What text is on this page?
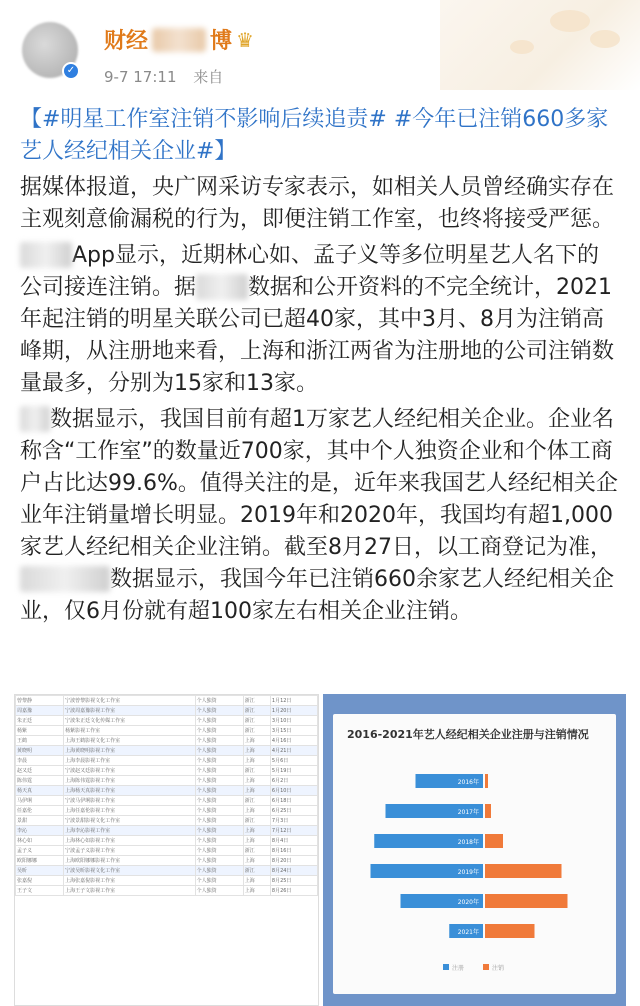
✓
财经	博 ♛
9-7 17:11 来自
【#明星工作室注销不影响后续追责# #今年已注销660多家艺人经纪相关企业#】
据媒体报道，央广网采访专家表示，如相关人员曾经确实存在主观刻意偷漏税的行为，即便注销工作室，也终将接受严惩。
App显示，近期林心如、孟子义等多位明星艺人名下的公司接连注销。据 数据和公开资料的不完全统计，2021年起注销的明星关联公司已超40家，其中3月、8月为注销高峰期，从注册地来看，上海和浙江两省为注册地的公司注销数量最多，分别为15家和13家。
数据显示，我国目前有超1万家艺人经纪相关企业。企业名称含“工作室”的数量近700家，其中个人独资企业和个体工商户占比达99.6%。值得关注的是，近年来我国艺人经纪相关企业年注销量增长明显。2019年和2020年，我国均有超1,000家艺人经纪相关企业注销。截至8月27日，以工商登记为准，数据显示，我国今年已注销660余家艺人经纪相关企业，仅6月份就有超100家左右相关企业注销。
曾黎静	宁波曾黎影视文化工作室	个人独资	浙江	1月12日
周嘉豫	宁波周嘉豫影视工作室	个人独资	浙江	1月20日
朱正廷	宁波朱正廷文化传媒工作室	个人独资	浙江	3月10日
杨紫	杨紫影视工作室	个人独资	浙江	3月15日
王鹤	上海王鹤影视文化工作室	个人独资	上海	4月16日
黄晓明	上海黄晓明影视工作室	个人独资	上海	4月21日
李晨	上海李晨影视工作室	个人独资	上海	5月6日
赵又廷	宁波赵又廷影视工作室	个人独资	浙江	5月19日
陈伟霆	上海陈伟霆影视工作室	个人独资	上海	6月2日
杨天真	上海杨天真影视工作室	个人独资	上海	6月10日
马伊琍	宁波马伊琍影视工作室	个人独资	浙江	6月18日
任嘉伦	上海任嘉伦影视工作室	个人独资	上海	6月25日
景甜	宁波景甜影视文化工作室	个人独资	浙江	7月3日
李沁	上海李沁影视工作室	个人独资	上海	7月12日
林心如	上海林心如影视工作室	个人独资	上海	8月4日
孟子义	宁波孟子义影视工作室	个人独资	浙江	8月16日
欧阳娜娜	上海欧阳娜娜影视工作室	个人独资	上海	8月20日
吴昕	宁波吴昕影视文化工作室	个人独资	浙江	8月24日
张嘉倪	上海张嘉倪影视工作室	个人独资	上海	8月25日
王子文	上海王子文影视工作室	个人独资	上海	8月26日
2016-2021年艺人经纪相关企业注册与注销情况
2016年
2017年
2018年
2019年
2020年
2021年
注册	注销
